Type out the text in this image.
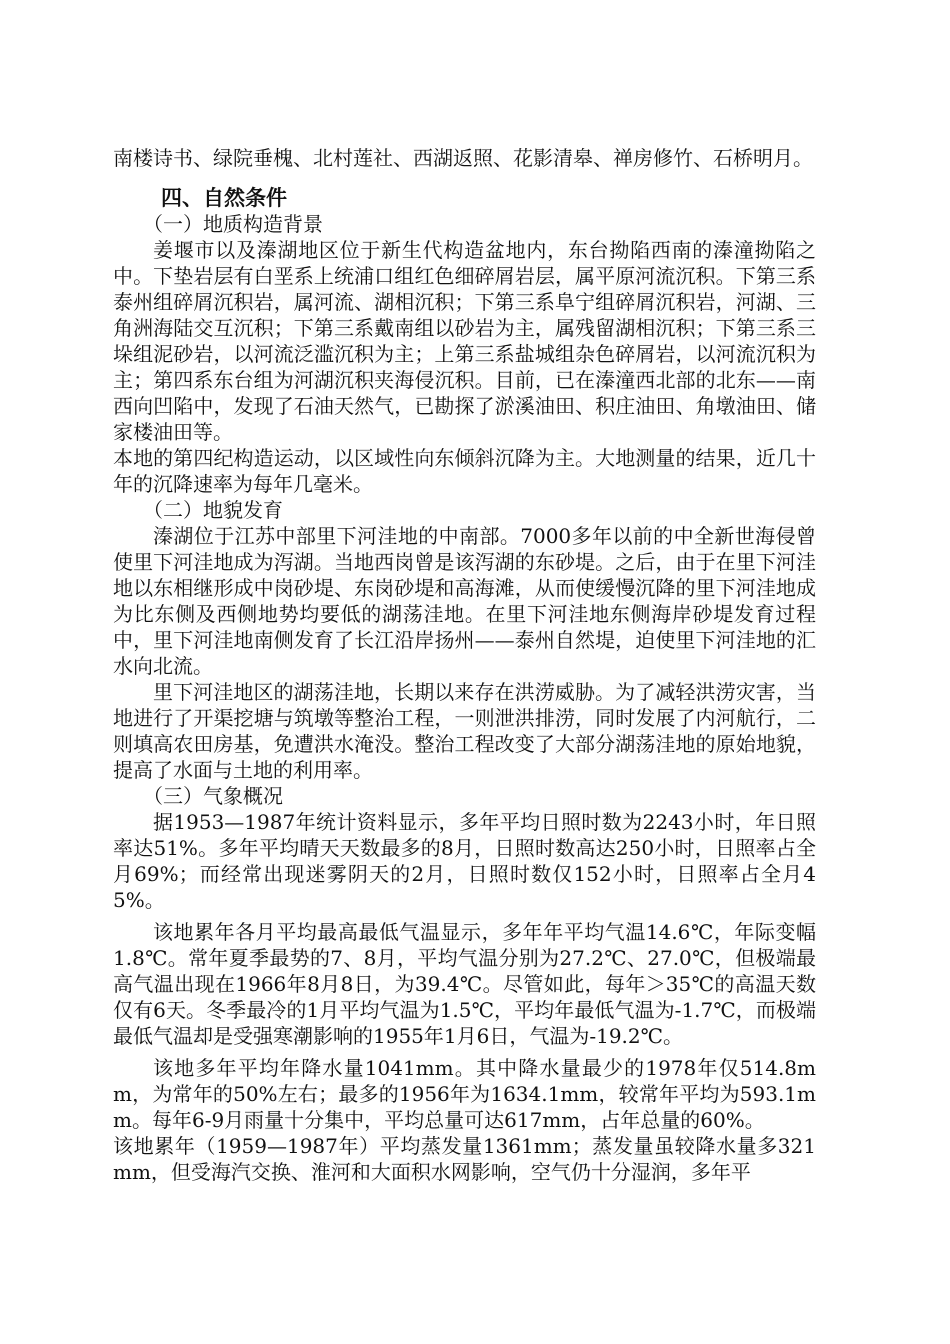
南楼诗书、绿院垂槐、北村莲社、西湖返照、花影清皋、禅房修竹、石桥明月。

四、自然条件

（一）地质构造背景

姜堰市以及溱湖地区位于新生代构造盆地内，东台拗陷西南的溱潼拗陷之中。下垫岩层有白垩系上统浦口组红色细碎屑岩层，属平原河流沉积。下第三系泰州组碎屑沉积岩，属河流、湖相沉积；下第三系阜宁组碎屑沉积岩，河湖、三角洲海陆交互沉积；下第三系戴南组以砂岩为主，属残留湖相沉积；下第三系三垛组泥砂岩，以河流泛滥沉积为主；上第三系盐城组杂色碎屑岩，以河流沉积为主；第四系东台组为河湖沉积夹海侵沉积。目前，已在溱潼西北部的北东——南西向凹陷中，发现了石油天然气，已勘探了淤溪油田、积庄油田、角墩油田、储家楼油田等。

本地的第四纪构造运动，以区域性向东倾斜沉降为主。大地测量的结果，近几十年的沉降速率为每年几毫米。

（二）地貌发育

溱湖位于江苏中部里下河洼地的中南部。7000多年以前的中全新世海侵曾使里下河洼地成为泻湖。当地西岗曾是该泻湖的东砂堤。之后，由于在里下河洼地以东相继形成中岗砂堤、东岗砂堤和高海滩，从而使缓慢沉降的里下河洼地成为比东侧及西侧地势均要低的湖荡洼地。在里下河洼地东侧海岸砂堤发育过程中，里下河洼地南侧发育了长江沿岸扬州——泰州自然堤，迫使里下河洼地的汇水向北流。

里下河洼地区的湖荡洼地，长期以来存在洪涝威胁。为了减轻洪涝灾害，当地进行了开渠挖塘与筑墩等整治工程，一则泄洪排涝，同时发展了内河航行，二则填高农田房基，免遭洪水淹没。整治工程改变了大部分湖荡洼地的原始地貌，提高了水面与土地的利用率。

（三）气象概况

据1953—1987年统计资料显示，多年平均日照时数为2243小时，年日照率达51%。多年平均晴天天数最多的8月，日照时数高达250小时，日照率占全月69%；而经常出现迷雾阴天的2月，日照时数仅152小时，日照率占全月45%。

该地累年各月平均最高最低气温显示，多年年平均气温14.6℃，年际变幅1.8℃。常年夏季最势的7、8月，平均气温分别为27.2℃、27.0℃，但极端最高气温出现在1966年8月8日，为39.4℃。尽管如此，每年＞35℃的高温天数仅有6天。冬季最冷的1月平均气温为1.5℃，平均年最低气温为-1.7℃，而极端最低气温却是受强寒潮影响的1955年1月6日，气温为-19.2℃。

该地多年平均年降水量1041mm。其中降水量最少的1978年仅514.8mm，为常年的50%左右；最多的1956年为1634.1mm，较常年平均为593.1mm。每年6-9月雨量十分集中，平均总量可达617mm，占年总量的60%。

该地累年（1959—1987年）平均蒸发量1361mm；蒸发量虽较降水量多321mm，但受海汽交换、淮河和大面积水网影响，空气仍十分湿润，多年平
